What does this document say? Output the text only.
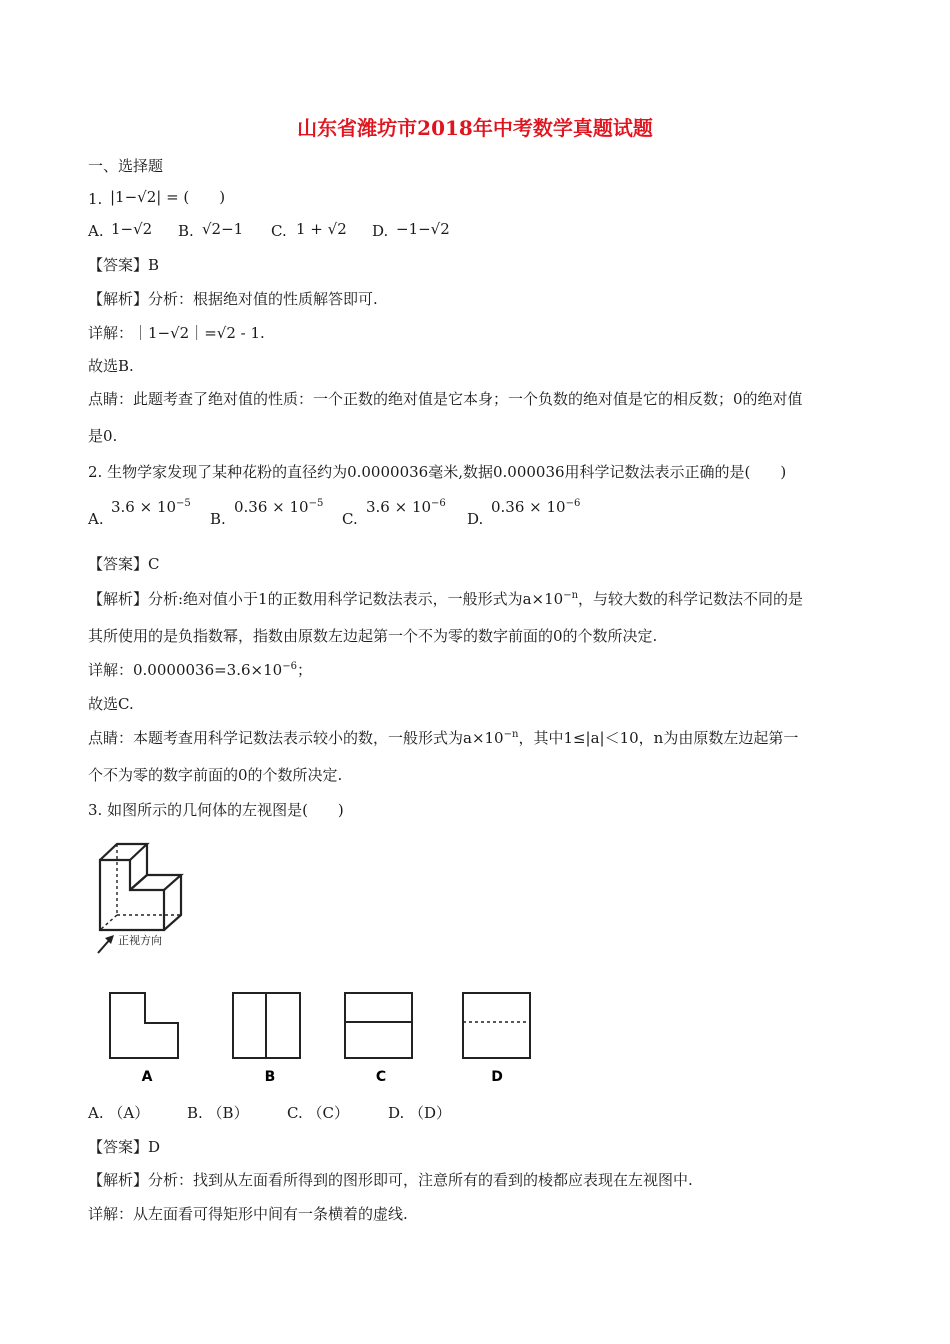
山东省潍坊市2018年中考数学真题试题
一、选择题
1. |1−√2| = (　　)
A. 1−√2 B. √2−1 C. 1 + √2 D. −1−√2
【答案】B
【解析】分析：根据绝对值的性质解答即可.
详解：｜1−√2｜=√2 - 1.
故选B.
点睛：此题考查了绝对值的性质：一个正数的绝对值是它本身；一个负数的绝对值是它的相反数；0的绝对值
是0.
2. 生物学家发现了某种花粉的直径约为0.0000036毫米,数据0.000036用科学记数法表示正确的是(　　)
A.
$3.6 \times 10^{-5}$
B.
$0.36 \times 10^{-5}$
C.
$3.6 \times 10^{-6}$
D.
$0.36 \times 10^{-6}$
【答案】C
【解析】分析:绝对值小于1的正数用科学记数法表示，一般形式为$a\times 10^{-n}$，与较大数的科学记数法不同的是
其所使用的是负指数幂，指数由原数左边起第一个不为零的数字前面的0的个数所决定.
详解：$0.0000036=3.6\times 10^{-6}$；
故选C.
点睛：本题考查用科学记数法表示较小的数，一般形式为$a\times 10^{-n}$，其中1≤|a|＜10，n为由原数左边起第一
个不为零的数字前面的0的个数所决定.
3. 如图所示的几何体的左视图是(　　)
正视方向
A	B	C	D
A. （A）	B. （B）	C. （C）	D. （D）
【答案】D
【解析】分析：找到从左面看所得到的图形即可，注意所有的看到的棱都应表现在左视图中.
详解：从左面看可得矩形中间有一条横着的虚线.
